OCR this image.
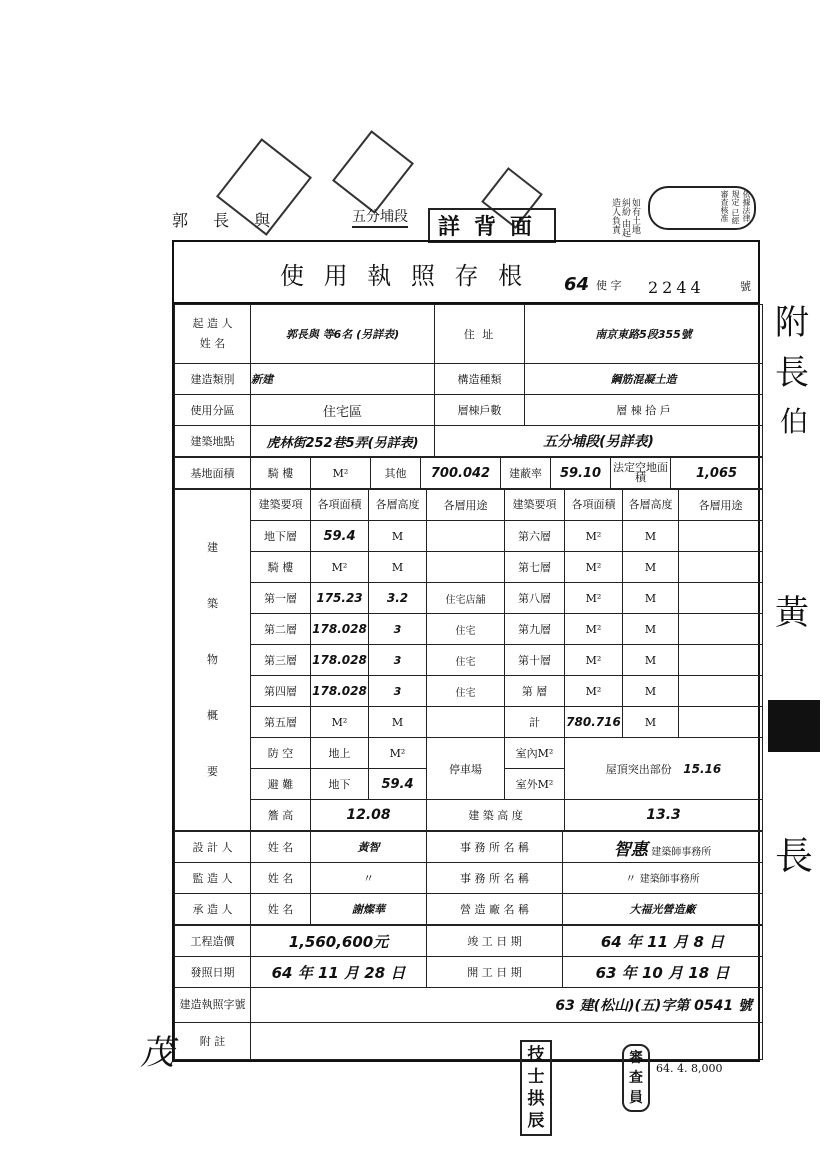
郭 長 與	五分埔段	詳背面	如有土地糾紛 由起造人負責	依據法律規定 已經審查核准
附
長
伯
黃
長
茂
使 用 執 照 存 根 64 使 字 2244	號
起 造 人

姓 名	郭長與 等6名 (另詳表)	住 址	南京東路5段355號
建造類別	新建	構造種類	鋼筋混凝土造
使用分區	住宅區	層棟戶數	層 棟 拾 戶
建築地點	虎林街252巷5弄(另詳表)	五分埔段(另詳表)	
基地面積	騎 樓	M²	其他	700.042	建蔽率	59.10	法定空地面積	1,065
建
築
物
概
要	建築要項	各項面積	各層高度	各層用途	建築要項	各項面積	各層高度	各層用途
	地下層	59.4	M		第六層	M²	M	
	騎 樓	M²	M		第七層	M²	M	
	第一層	175.23	3.2	住宅店舖	第八層	M²	M	
	第二層	178.028	3	住宅	第九層	M²	M	
	第三層	178.028	3	住宅	第十層	M²	M	
	第四層	178.028	3	住宅	第 層	M²	M	
	第五層	M²	M		計	780.716	M	
	防 空	地上	M²	停車場	室內M²	屋頂突出部份 15.16		
	避 難	地下	59.4		室外M²			
	簷 高	12.08		建 築 高 度		13.3		
設 計 人	姓 名	黃智	事 務 所 名 稱	智惠 建築師事務所
監 造 人	姓 名	〃	事 務 所 名 稱	〃 建築師事務所
承 造 人	姓 名	謝燦華	營 造 廠 名 稱	大福光營造廠
工程造價	1,560,600元	竣 工 日 期	64 年 11 月 8 日
發照日期	64 年 11 月 28 日	開 工 日 期	63 年 10 月 18 日
建造執照字號	63 建(松山)(五)字第 0541 號		
附 註			
64. 4. 8,000
技士拱辰
審查員
